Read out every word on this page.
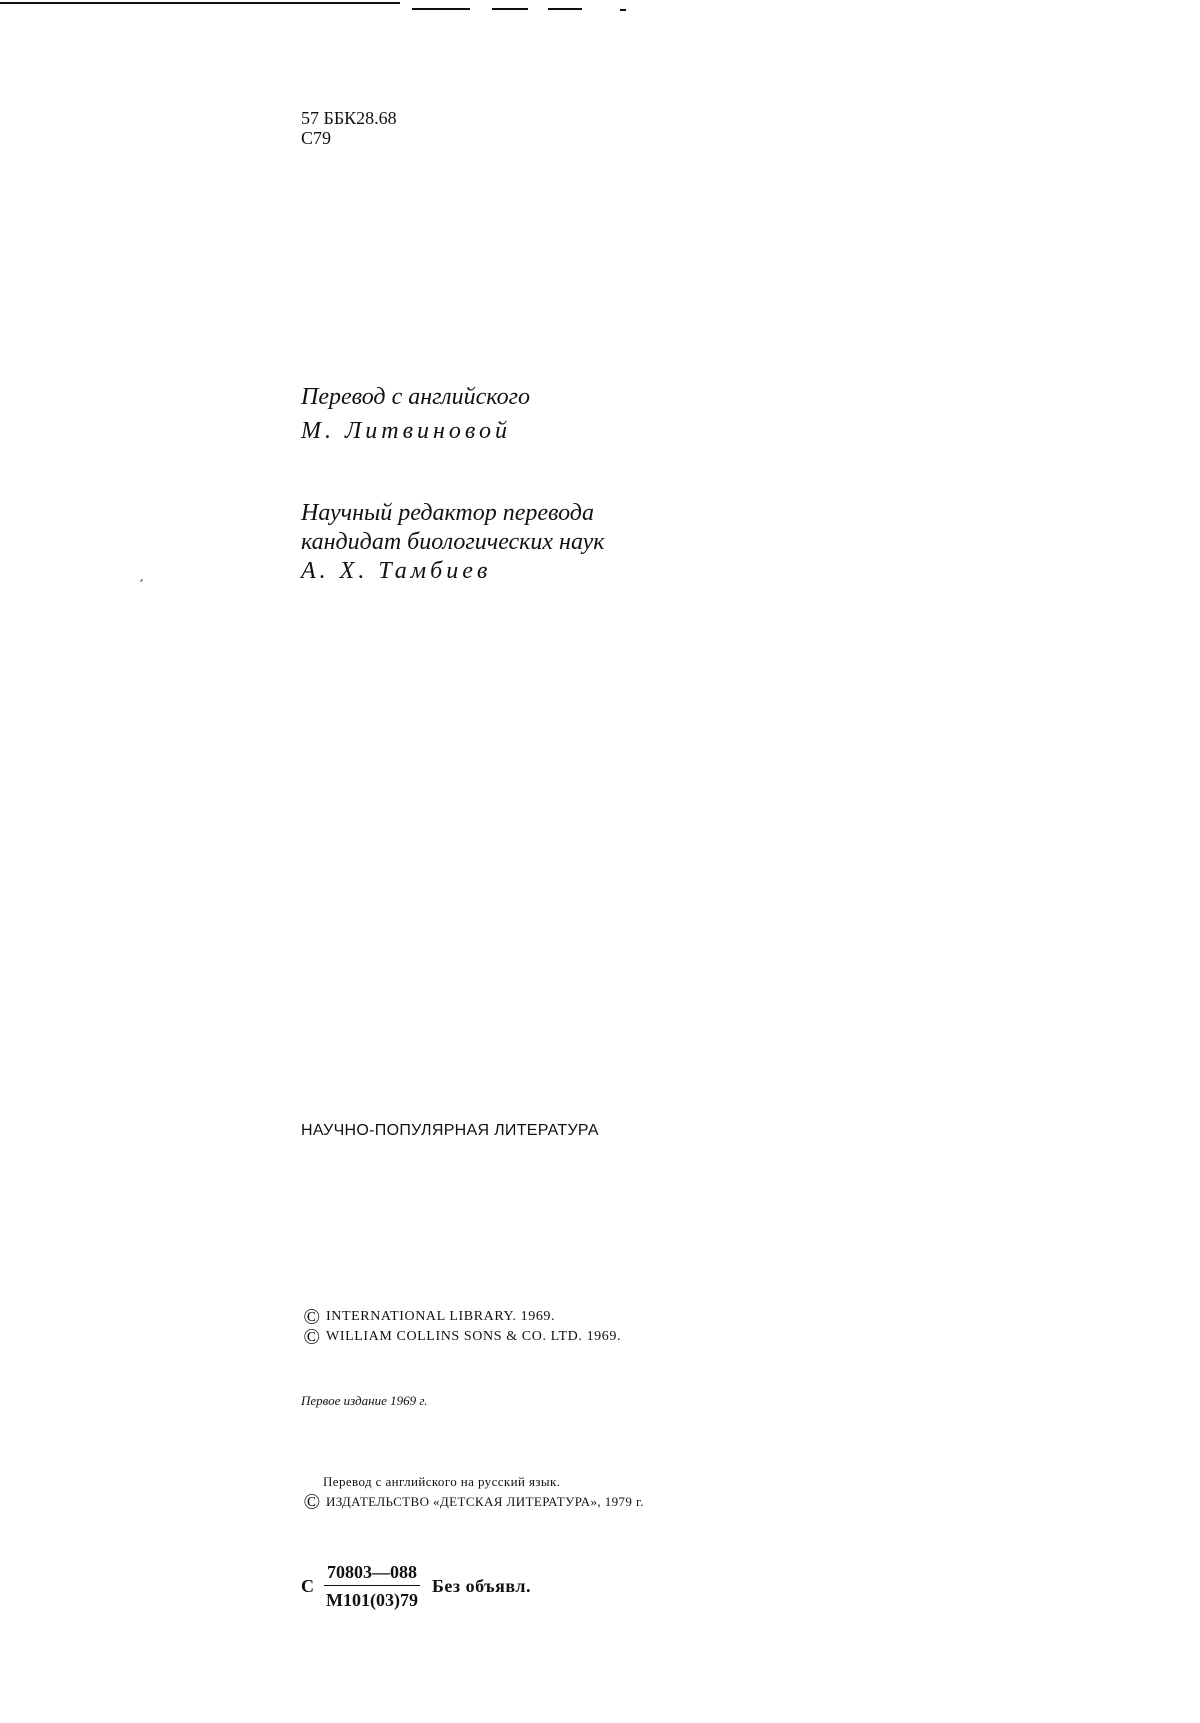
57 ББК28.68
С79
Перевод с английского
М. Литвиновой
Научный редактор перевода
кандидат биологических наук
А. Х. Тамбиев
НАУЧНО-ПОПУЛЯРНАЯ ЛИТЕРАТУРА
© INTERNATIONAL LIBRARY. 1969.
© WILLIAM COLLINS SONS & CO. LTD. 1969.
Первое издание 1969 г.
Перевод с английского на русский язык.
© ИЗДАТЕЛЬСТВО «ДЕТСКАЯ ЛИТЕРАТУРА», 1979 г.
С $\frac{70803—088}{М101(03)79}$ Без объявл.
